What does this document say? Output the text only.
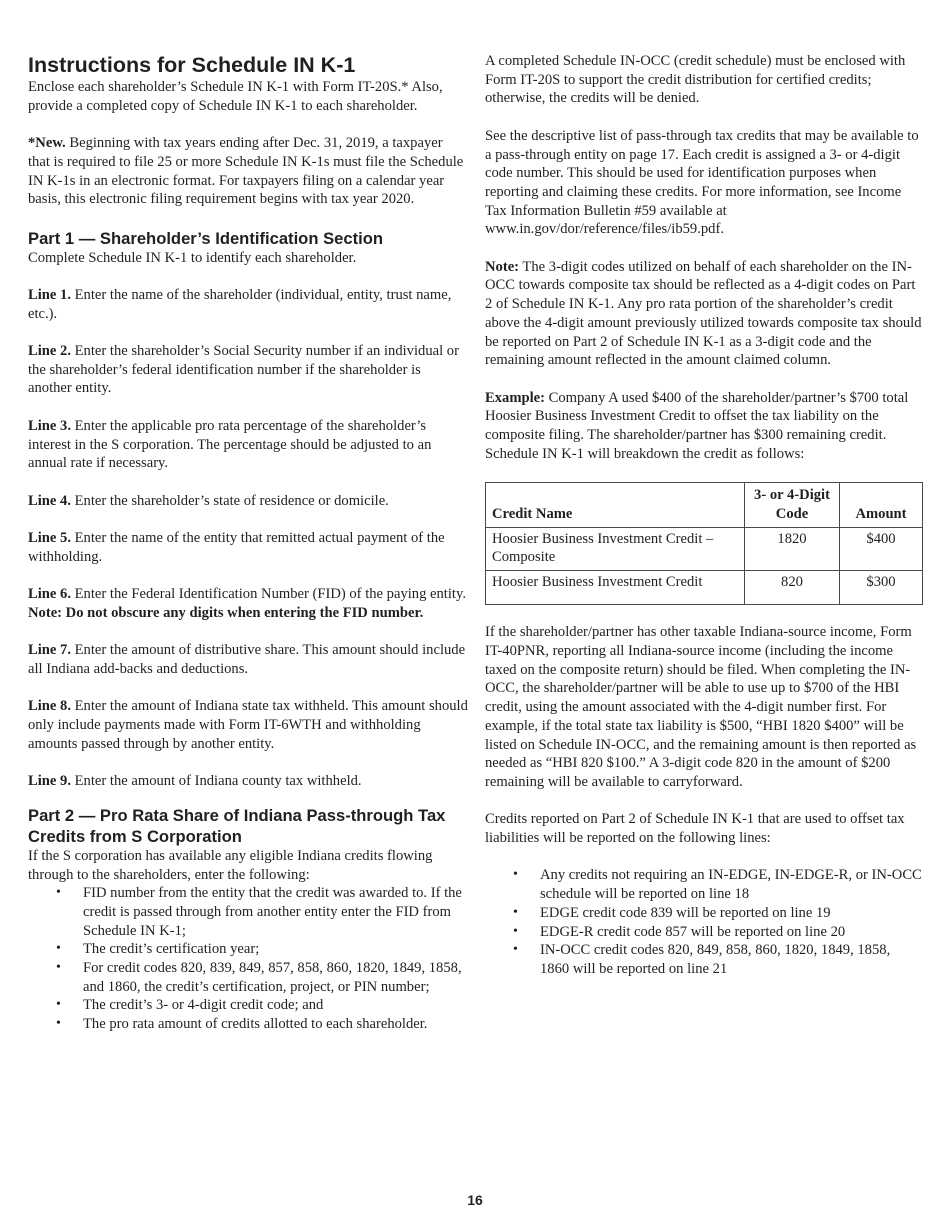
Instructions for Schedule IN K-1

Enclose each shareholder’s Schedule IN K-1 with Form IT-20S.* Also, provide a completed copy of Schedule IN K-1 to each shareholder.

*New. Beginning with tax years ending after Dec. 31, 2019, a taxpayer that is required to file 25 or more Schedule IN K-1s must file the Schedule IN K-1s in an electronic format. For taxpayers filing on a calendar year basis, this electronic filing requirement begins with tax year 2020.

Part 1 — Shareholder’s Identification Section

Complete Schedule IN K-1 to identify each shareholder.

Line 1. Enter the name of the shareholder (individual, entity, trust name, etc.).

Line 2. Enter the shareholder’s Social Security number if an individual or the shareholder’s federal identification number if the shareholder is another entity.

Line 3. Enter the applicable pro rata percentage of the shareholder’s interest in the S corporation. The percentage should be adjusted to an annual rate if necessary.

Line 4. Enter the shareholder’s state of residence or domicile.

Line 5. Enter the name of the entity that remitted actual payment of the withholding.

Line 6. Enter the Federal Identification Number (FID) of the paying entity. Note: Do not obscure any digits when entering the FID number.

Line 7. Enter the amount of distributive share. This amount should include all Indiana add-backs and deductions.

Line 8. Enter the amount of Indiana state tax withheld. This amount should only include payments made with Form IT-6WTH and withholding amounts passed through by another entity.

Line 9. Enter the amount of Indiana county tax withheld.

Part 2 — Pro Rata Share of Indiana Pass-through Tax Credits from S Corporation

If the S corporation has available any eligible Indiana credits flowing through to the shareholders, enter the following:

• FID number from the entity that the credit was awarded to. If the credit is passed through from another entity enter the FID from Schedule IN K-1;
• The credit’s certification year;
• For credit codes 820, 839, 849, 857, 858, 860, 1820, 1849, 1858, and 1860, the credit’s certification, project, or PIN number;
• The credit’s 3- or 4-digit credit code; and
• The pro rata amount of credits allotted to each shareholder.

A completed Schedule IN-OCC (credit schedule) must be enclosed with Form IT-20S to support the credit distribution for certified credits; otherwise, the credits will be denied.

See the descriptive list of pass-through tax credits that may be available to a pass-through entity on page 17. Each credit is assigned a 3- or 4-digit code number. This should be used for identification purposes when reporting and claiming these credits. For more information, see Income Tax Information Bulletin #59 available at www.in.gov/dor/reference/files/ib59.pdf.

Note: The 3-digit codes utilized on behalf of each shareholder on the IN-OCC towards composite tax should be reflected as a 4-digit codes on Part 2 of Schedule IN K-1. Any pro rata portion of the shareholder’s credit above the 4-digit amount previously utilized towards composite tax should be reported on Part 2 of Schedule IN K-1 as a 3-digit code and the remaining amount reflected in the amount claimed column.

Example: Company A used $400 of the shareholder/partner’s $700 total Hoosier Business Investment Credit to offset the tax liability on the composite filing. The shareholder/partner has $300 remaining credit. Schedule IN K-1 will breakdown the credit as follows:

Credit Name	3- or 4-Digit Code	Amount
Hoosier Business Investment Credit – Composite	1820	$400
Hoosier Business Investment Credit	820	$300

If the shareholder/partner has other taxable Indiana-source income, Form IT-40PNR, reporting all Indiana-source income (including the income taxed on the composite return) should be filed. When completing the IN-OCC, the shareholder/partner will be able to use up to $700 of the HBI credit, using the amount associated with the 4-digit number first. For example, if the total state tax liability is $500, “HBI 1820 $400” will be listed on Schedule IN-OCC, and the remaining amount is then reported as needed as “HBI 820 $100.” A 3-digit code 820 in the amount of $200 remaining will be available to carryforward.

Credits reported on Part 2 of Schedule IN K-1 that are used to offset tax liabilities will be reported on the following lines:

• Any credits not requiring an IN-EDGE, IN-EDGE-R, or IN-OCC schedule will be reported on line 18
• EDGE credit code 839 will be reported on line 19
• EDGE-R credit code 857 will be reported on line 20
• IN-OCC credit codes 820, 849, 858, 860, 1820, 1849, 1858, 1860 will be reported on line 21
16
